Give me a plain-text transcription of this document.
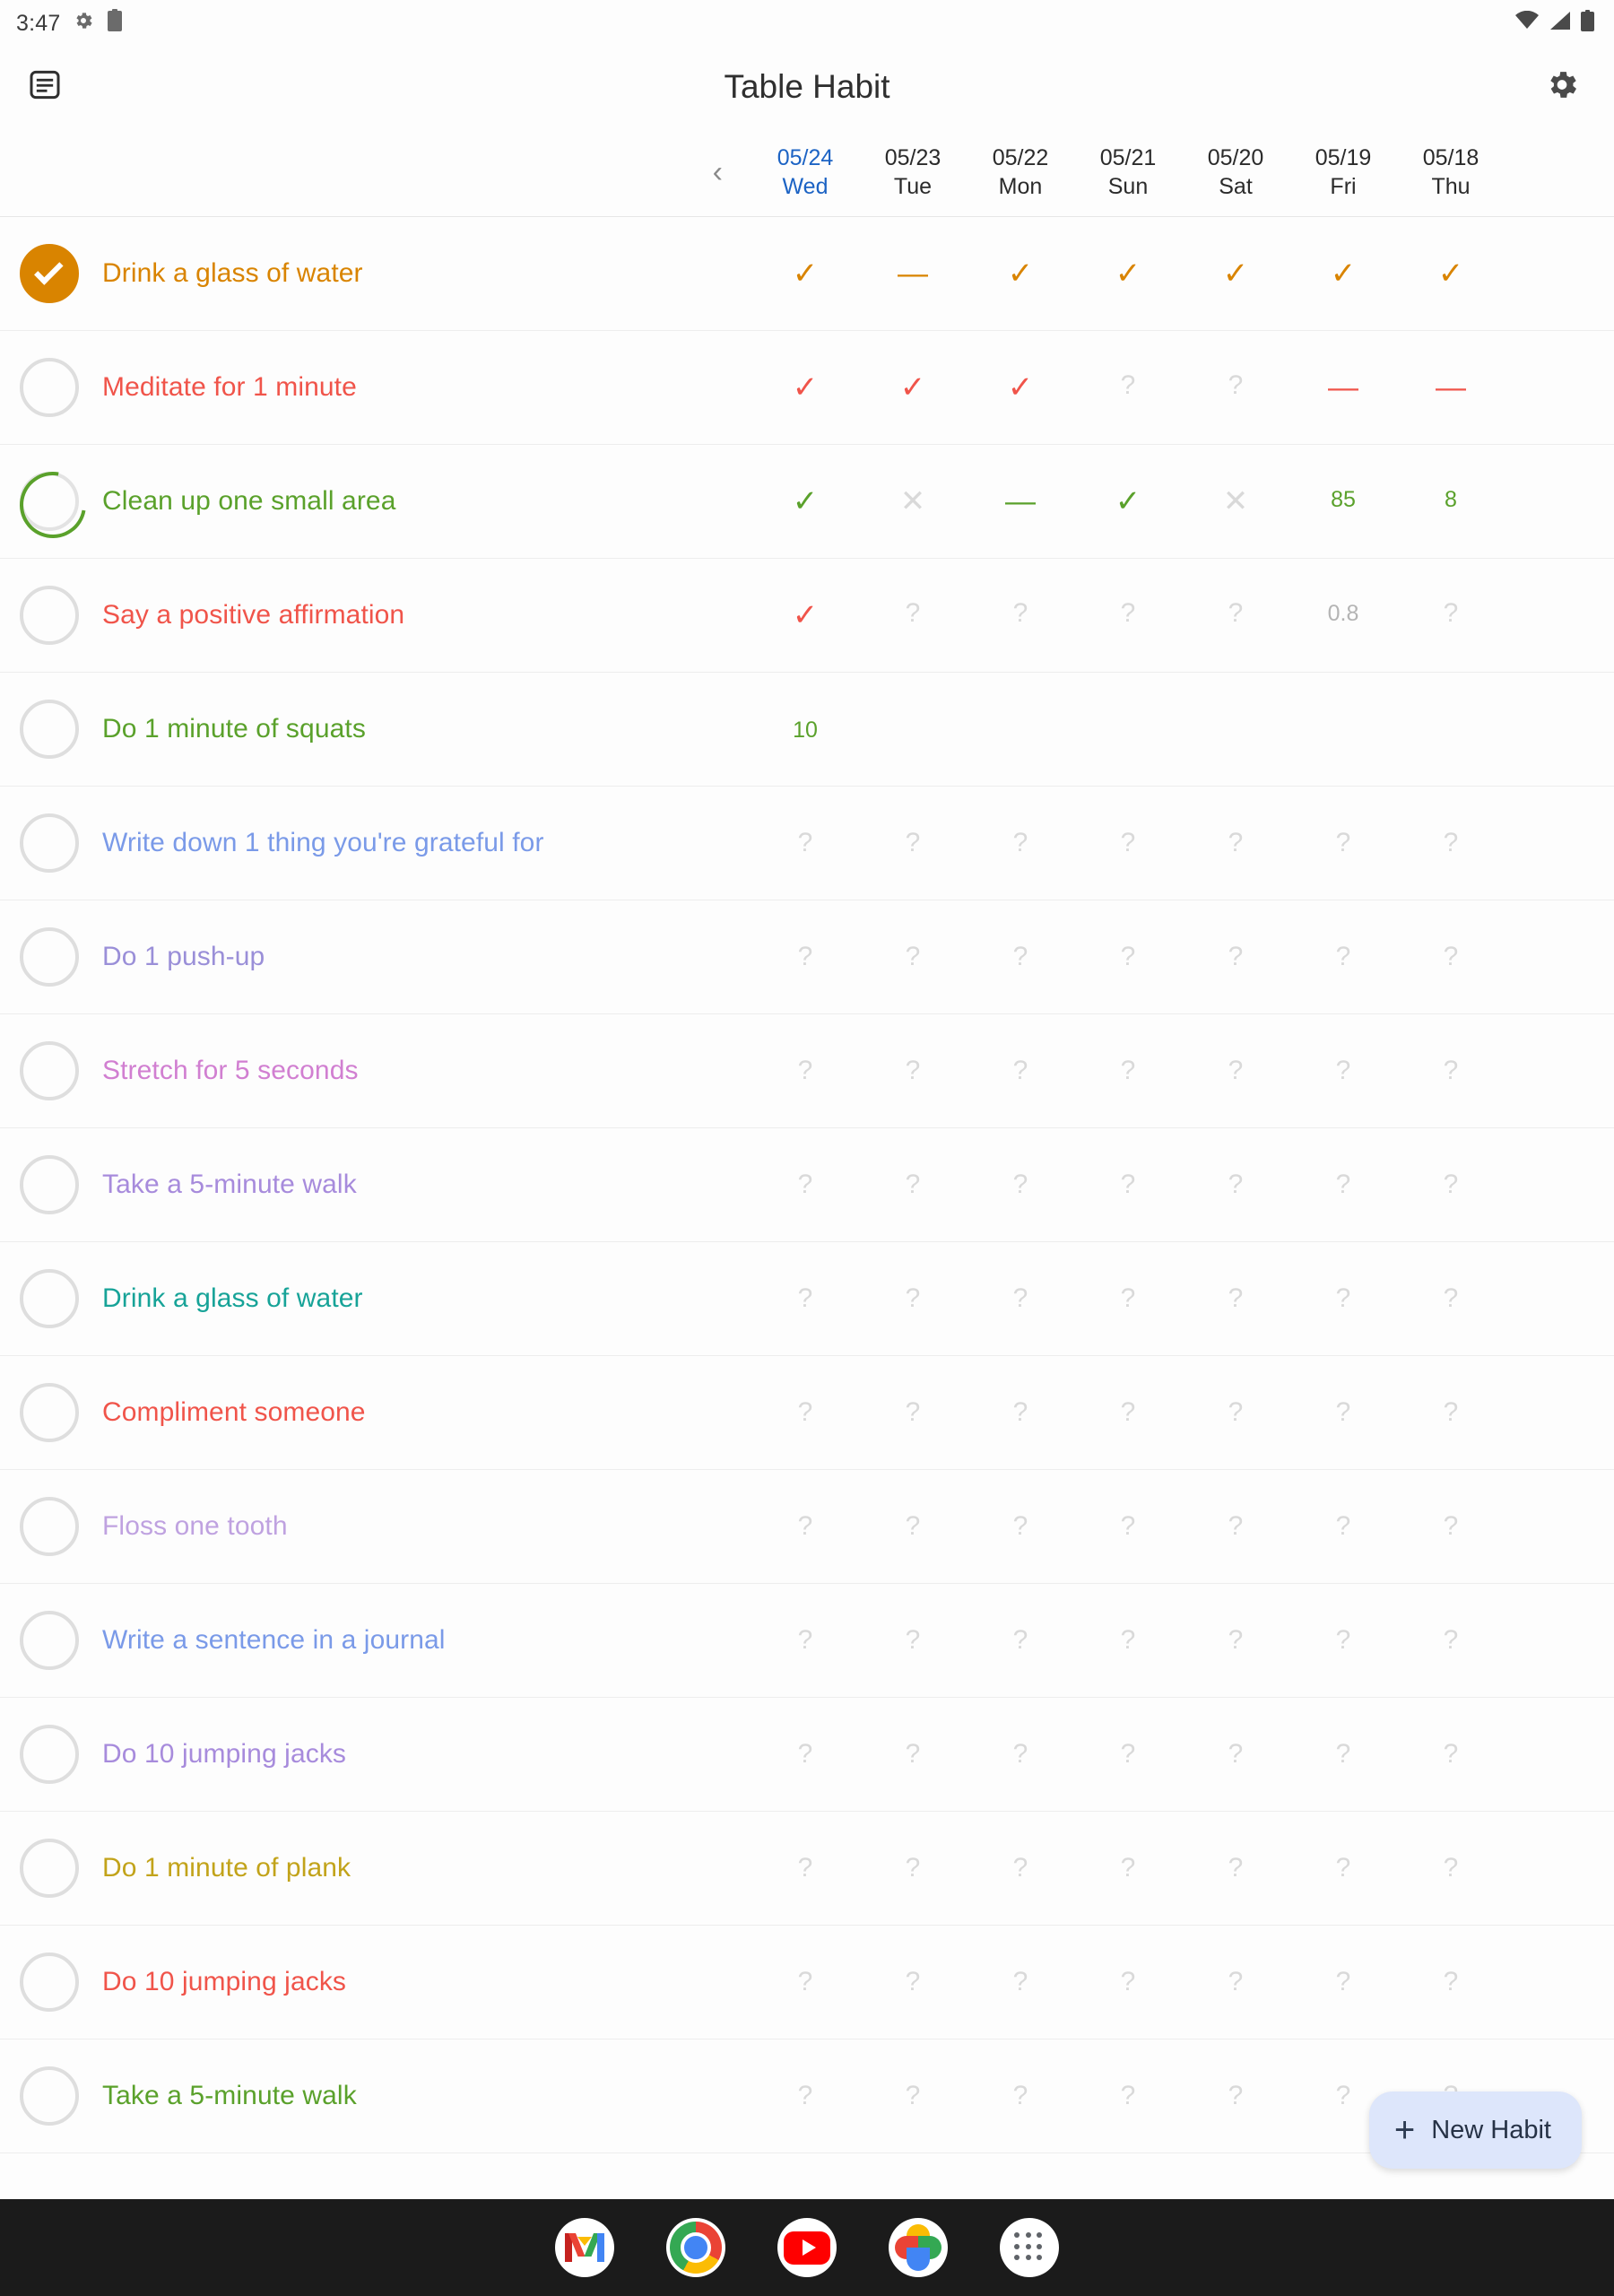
3:47
Table Habit
‹	05/24
Wed
05/23
Tue
05/22
Mon
05/21
Sun
05/20
Sat
05/19
Fri
05/18
Thu
Drink a glass of water	✓	—	✓	✓	✓	✓	✓
Meditate for 1 minute	✓	✓	✓	?	?	—	—
Clean up one small area	✓	✕	—	✓	✕	85	8
Say a positive affirmation	✓	?	?	?	?	0.8	?
Do 1 minute of squats	10
Write down 1 thing you're grateful for	?	?	?	?	?	?	?
Do 1 push-up	?	?	?	?	?	?	?
Stretch for 5 seconds	?	?	?	?	?	?	?
Take a 5-minute walk	?	?	?	?	?	?	?
Drink a glass of water	?	?	?	?	?	?	?
Compliment someone	?	?	?	?	?	?	?
Floss one tooth	?	?	?	?	?	?	?
Write a sentence in a journal	?	?	?	?	?	?	?
Do 10 jumping jacks	?	?	?	?	?	?	?
Do 1 minute of plank	?	?	?	?	?	?	?
Do 10 jumping jacks	?	?	?	?	?	?	?
Take a 5-minute walk	?	?	?	?	?	?
+ New Habit
